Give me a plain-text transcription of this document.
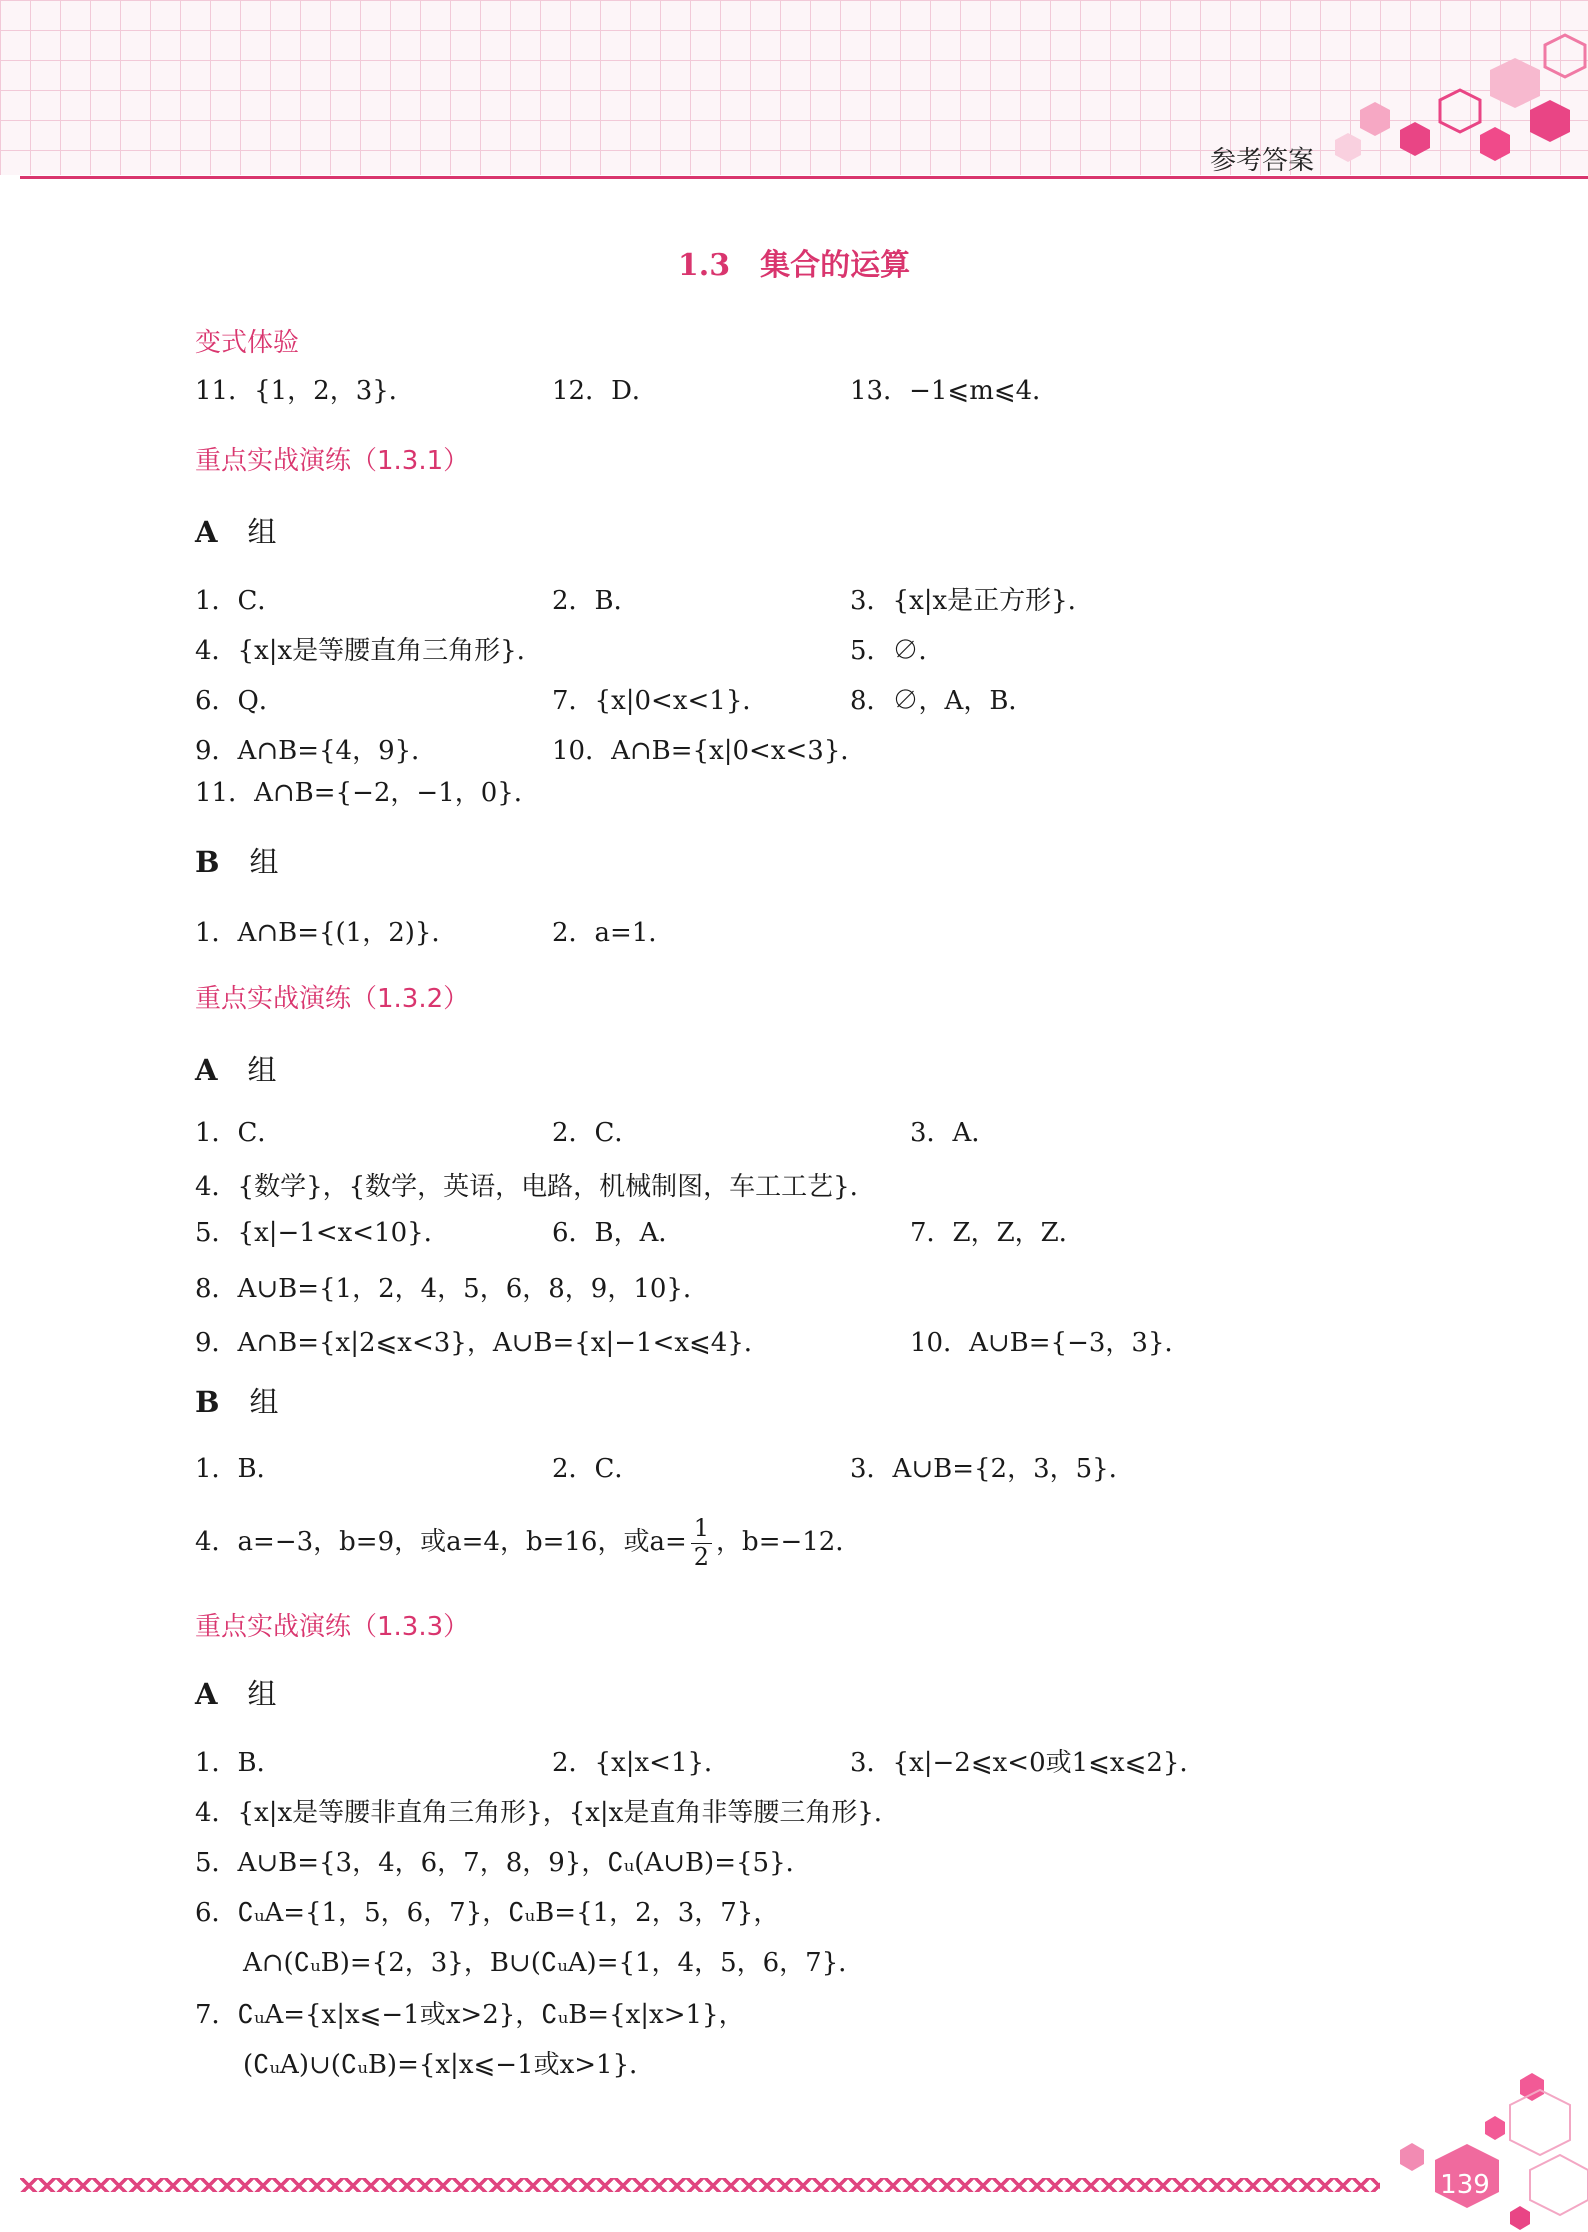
参考答案
1.3　集合的运算
变式体验
11．{1，2，3}．	12．D．	13．−1⩽m⩽4．
重点实战演练（1.3.1）
A 组
1．C．	2．B．	3．{x|x是正方形}．
4．{x|x是等腰直角三角形}．	5．∅．
6．Q．	7．{x|0<x<1}．	8．∅，A，B．
9．A∩B={4，9}．	10．A∩B={x|0<x<3}．
11．A∩B={−2，−1，0}．
B 组
1．A∩B={(1，2)}．	2．a=1．
重点实战演练（1.3.2）
A 组
1．C．	2．C．	3．A．
4．{数学}，{数学，英语，电路，机械制图，车工工艺}．
5．{x|−1<x<10}．	6．B，A．	7．Z，Z，Z．
8．A∪B={1，2，4，5，6，8，9，10}．
9．A∩B={x|2⩽x<3}，A∪B={x|−1<x⩽4}．	10．A∪B={−3，3}．
B 组
1．B．	2．C．	3．A∪B={2，3，5}．
4．a=−3，b=9，或a=4，b=16，或$a= \frac{1}{2}$ ，b=−12．
重点实战演练（1.3.3）
A 组
1．B．	2．{x|x<1}．	3．{x|−2⩽x<0或1⩽x⩽2}．
4．{x|x是等腰非直角三角形}，{x|x是直角非等腰三角形}．
5．A∪B={3，4，6，7，8，9}，∁ᵤ(A∪B)={5}．
6．∁ᵤA={1，5，6，7}，∁ᵤB={1，2，3，7}，
A∩(∁ᵤB)={2，3}，B∪(∁ᵤA)={1，4，5，6，7}．
7．∁ᵤA={x|x⩽−1或x>2}，∁ᵤB={x|x>1}，
(∁ᵤA)∪(∁ᵤB)={x|x⩽−1或x>1}．
139
